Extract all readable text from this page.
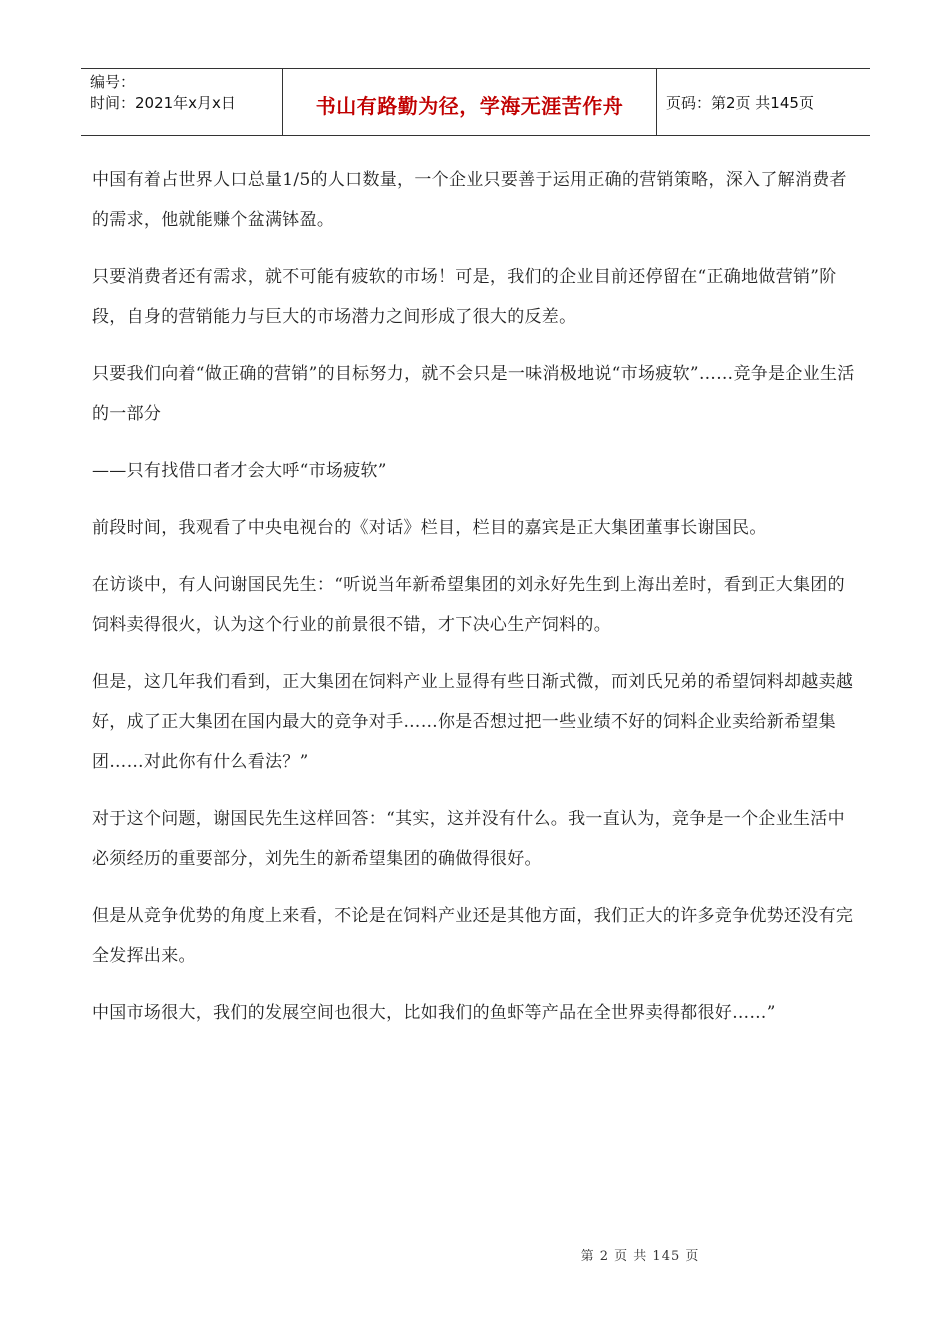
编号：
时间：2021年x月x日	书山有路勤为径，学海无涯苦作舟	页码：第2页 共145页

中国有着占世界人口总量1/5的人口数量，一个企业只要善于运用正确的营销策略，深入了解消费者的需求，他就能赚个盆满钵盈。

只要消费者还有需求，就不可能有疲软的市场！可是，我们的企业目前还停留在“正确地做营销”阶段，自身的营销能力与巨大的市场潜力之间形成了很大的反差。

只要我们向着“做正确的营销”的目标努力，就不会只是一味消极地说“市场疲软”……竞争是企业生活的一部分

——只有找借口者才会大呼“市场疲软”

前段时间，我观看了中央电视台的《对话》栏目，栏目的嘉宾是正大集团董事长谢国民。

在访谈中，有人问谢国民先生：“听说当年新希望集团的刘永好先生到上海出差时，看到正大集团的饲料卖得很火，认为这个行业的前景很不错，才下决心生产饲料的。

但是，这几年我们看到，正大集团在饲料产业上显得有些日渐式微，而刘氏兄弟的希望饲料却越卖越好，成了正大集团在国内最大的竞争对手……你是否想过把一些业绩不好的饲料企业卖给新希望集团……对此你有什么看法？”

对于这个问题，谢国民先生这样回答：“其实，这并没有什么。我一直认为，竞争是一个企业生活中必须经历的重要部分，刘先生的新希望集团的确做得很好。

但是从竞争优势的角度上来看，不论是在饲料产业还是其他方面，我们正大的许多竞争优势还没有完全发挥出来。

中国市场很大，我们的发展空间也很大，比如我们的鱼虾等产品在全世界卖得都很好……”

第 2 页 共 145 页
